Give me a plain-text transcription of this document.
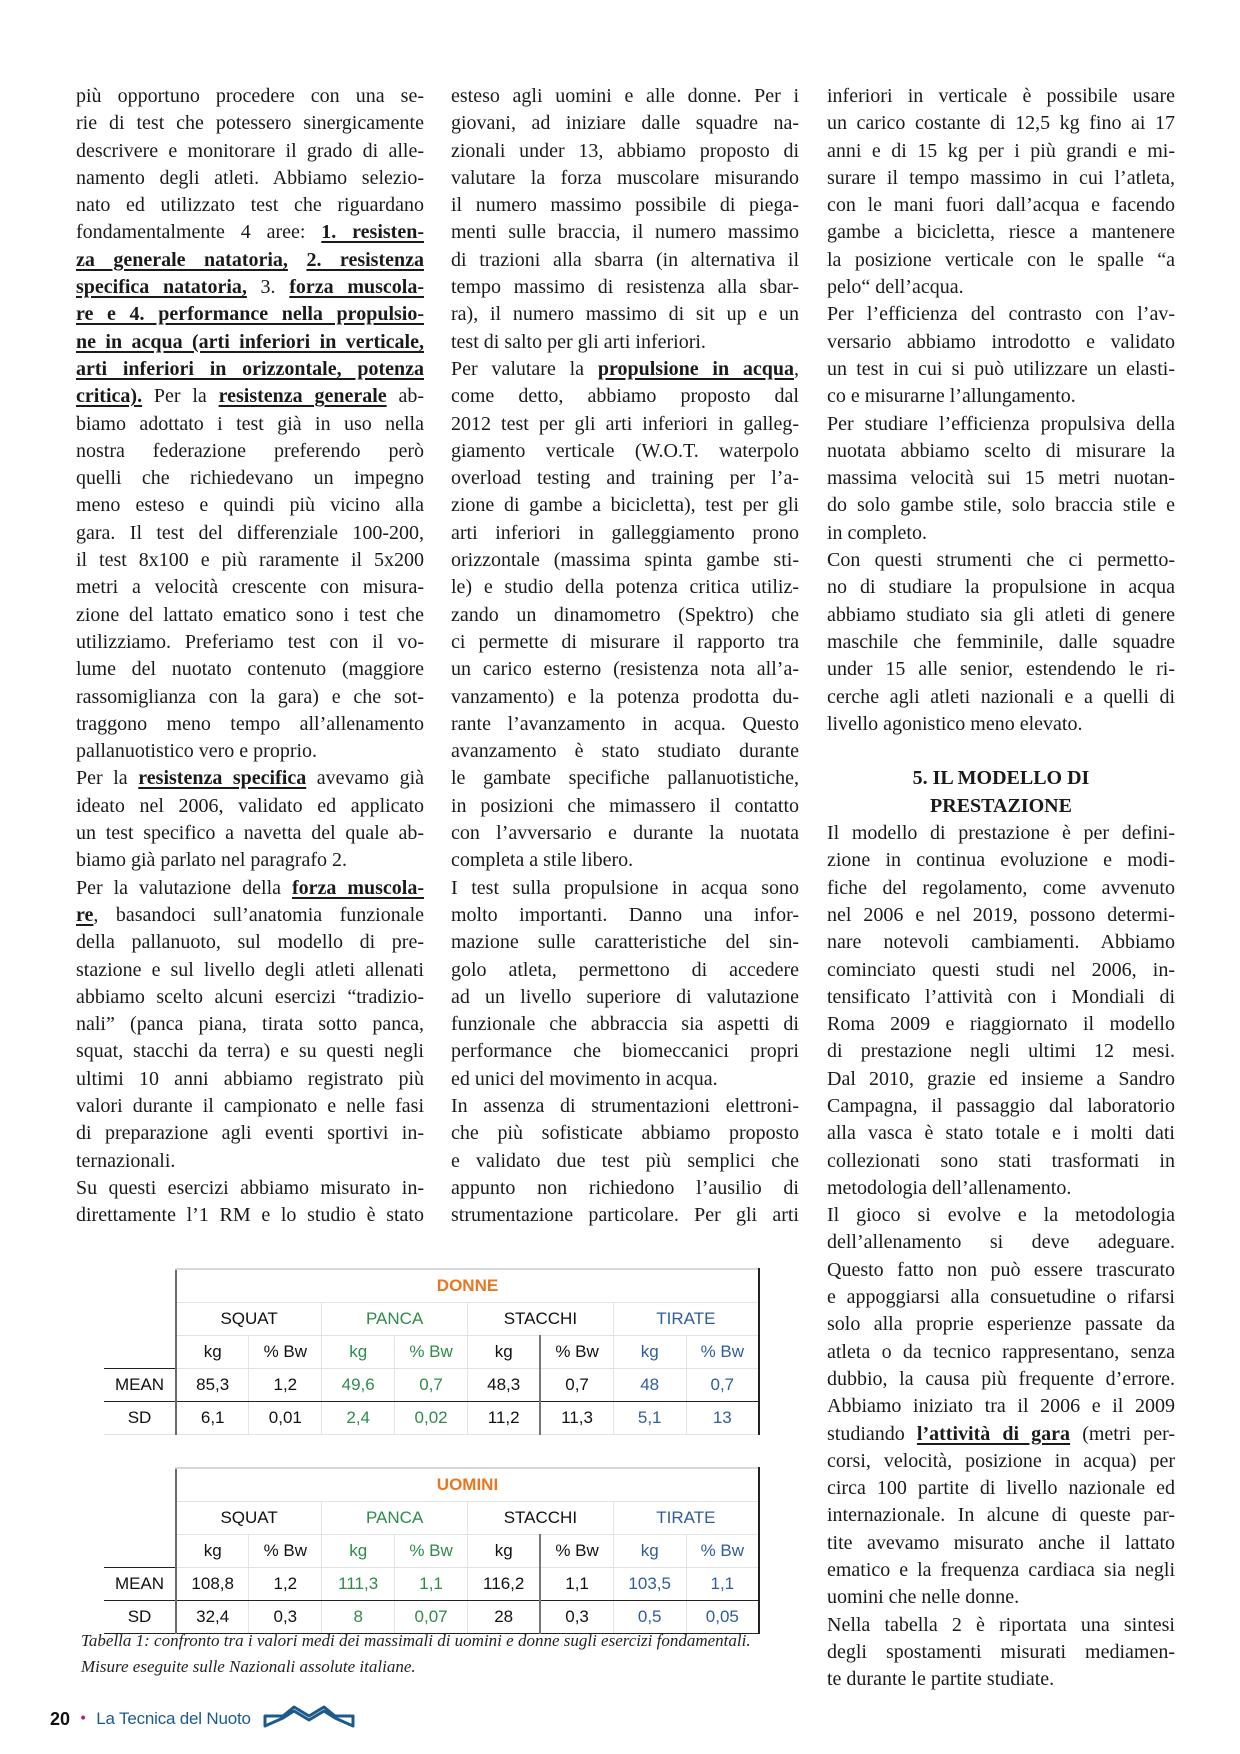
più opportuno procedere con una se-
rie di test che potessero sinergicamente
descrivere e monitorare il grado di alle-
namento degli atleti. Abbiamo selezio-
nato ed utilizzato test che riguardano
fondamentalmente 4 aree: 1. resisten-
za generale natatoria, 2. resistenza
specifica natatoria, 3. forza muscola-
re e 4. performance nella propulsio-
ne in acqua (arti inferiori in verticale,
arti inferiori in orizzontale, potenza
critica). Per la resistenza generale ab-
biamo adottato i test già in uso nella
nostra federazione preferendo però
quelli che richiedevano un impegno
meno esteso e quindi più vicino alla
gara. Il test del differenziale 100-200,
il test 8x100 e più raramente il 5x200
metri a velocità crescente con misura-
zione del lattato ematico sono i test che
utilizziamo. Preferiamo test con il vo-
lume del nuotato contenuto (maggiore
rassomiglianza con la gara) e che sot-
traggono meno tempo all’allenamento
pallanuotistico vero e proprio.
Per la resistenza specifica avevamo già
ideato nel 2006, validato ed applicato
un test specifico a navetta del quale ab-
biamo già parlato nel paragrafo 2.
Per la valutazione della forza muscola-
re, basandoci sull’anatomia funzionale
della pallanuoto, sul modello di pre-
stazione e sul livello degli atleti allenati
abbiamo scelto alcuni esercizi “tradizio-
nali” (panca piana, tirata sotto panca,
squat, stacchi da terra) e su questi negli
ultimi 10 anni abbiamo registrato più
valori durante il campionato e nelle fasi
di preparazione agli eventi sportivi in-
ternazionali.
Su questi esercizi abbiamo misurato in-
direttamente l’1 RM e lo studio è stato
esteso agli uomini e alle donne. Per i
giovani, ad iniziare dalle squadre na-
zionali under 13, abbiamo proposto di
valutare la forza muscolare misurando
il numero massimo possibile di piega-
menti sulle braccia, il numero massimo
di trazioni alla sbarra (in alternativa il
tempo massimo di resistenza alla sbar-
ra), il numero massimo di sit up e un
test di salto per gli arti inferiori.
Per valutare la propulsione in acqua,
come detto, abbiamo proposto dal
2012 test per gli arti inferiori in galleg-
giamento verticale (W.O.T. waterpolo
overload testing and training per l’a-
zione di gambe a bicicletta), test per gli
arti inferiori in galleggiamento prono
orizzontale (massima spinta gambe sti-
le) e studio della potenza critica utiliz-
zando un dinamometro (Spektro) che
ci permette di misurare il rapporto tra
un carico esterno (resistenza nota all’a-
vanzamento) e la potenza prodotta du-
rante l’avanzamento in acqua. Questo
avanzamento è stato studiato durante
le gambate specifiche pallanuotistiche,
in posizioni che mimassero il contatto
con l’avversario e durante la nuotata
completa a stile libero.
I test sulla propulsione in acqua sono
molto importanti. Danno una infor-
mazione sulle caratteristiche del sin-
golo atleta, permettono di accedere
ad un livello superiore di valutazione
funzionale che abbraccia sia aspetti di
performance che biomeccanici propri
ed unici del movimento in acqua.
In assenza di strumentazioni elettroni-
che più sofisticate abbiamo proposto
e validato due test più semplici che
appunto non richiedono l’ausilio di
strumentazione particolare. Per gli arti
inferiori in verticale è possibile usare
un carico costante di 12,5 kg fino ai 17
anni e di 15 kg per i più grandi e mi-
surare il tempo massimo in cui l’atleta,
con le mani fuori dall’acqua e facendo
gambe a bicicletta, riesce a mantenere
la posizione verticale con le spalle “a
pelo“ dell’acqua.
Per l’efficienza del contrasto con l’av-
versario abbiamo introdotto e validato
un test in cui si può utilizzare un elasti-
co e misurarne l’allungamento.
Per studiare l’efficienza propulsiva della
nuotata abbiamo scelto di misurare la
massima velocità sui 15 metri nuotan-
do solo gambe stile, solo braccia stile e
in completo.
Con questi strumenti che ci permetto-
no di studiare la propulsione in acqua
abbiamo studiato sia gli atleti di genere
maschile che femminile, dalle squadre
under 15 alle senior, estendendo le ri-
cerche agli atleti nazionali e a quelli di
livello agonistico meno elevato.
5. IL MODELLO DI
PRESTAZIONE
Il modello di prestazione è per defini-
zione in continua evoluzione e modi-
fiche del regolamento, come avvenuto
nel 2006 e nel 2019, possono determi-
nare notevoli cambiamenti. Abbiamo
cominciato questi studi nel 2006, in-
tensificato l’attività con i Mondiali di
Roma 2009 e riaggiornato il modello
di prestazione negli ultimi 12 mesi.
Dal 2010, grazie ed insieme a Sandro
Campagna, il passaggio dal laboratorio
alla vasca è stato totale e i molti dati
collezionati sono stati trasformati in
metodologia dell’allenamento.
Il gioco si evolve e la metodologia
dell’allenamento si deve adeguare.
Questo fatto non può essere trascurato
e appoggiarsi alla consuetudine o rifarsi
solo alla proprie esperienze passate da
atleta o da tecnico rappresentano, senza
dubbio, la causa più frequente d’errore.
Abbiamo iniziato tra il 2006 e il 2009
studiando l’attività di gara (metri per-
corsi, velocità, posizione in acqua) per
circa 100 partite di livello nazionale ed
internazionale. In alcune di queste par-
tite avevamo misurato anche il lattato
ematico e la frequenza cardiaca sia negli
uomini che nelle donne.
Nella tabella 2 è riportata una sintesi
degli spostamenti misurati mediamen-
te durante le partite studiate.
	DONNE							
	SQUAT		PANCA		STACCHI		TIRATE	
	kg	% Bw	kg	% Bw	kg	% Bw	kg	% Bw
MEAN	85,3	1,2	49,6	0,7	48,3	0,7	48	0,7
SD	6,1	0,01	2,4	0,02	11,2	11,3	5,1	13

	UOMINI							
	SQUAT		PANCA		STACCHI		TIRATE	
	kg	% Bw	kg	% Bw	kg	% Bw	kg	% Bw
MEAN	108,8	1,2	111,3	1,1	116,2	1,1	103,5	1,1
SD	32,4	0,3	8	0,07	28	0,3	0,5	0,05
Tabella 1: confronto tra i valori medi dei massimali di uomini e donne sugli esercizi fondamentali.
Misure eseguite sulle Nazionali assolute italiane.
20 • La Tecnica del Nuoto
